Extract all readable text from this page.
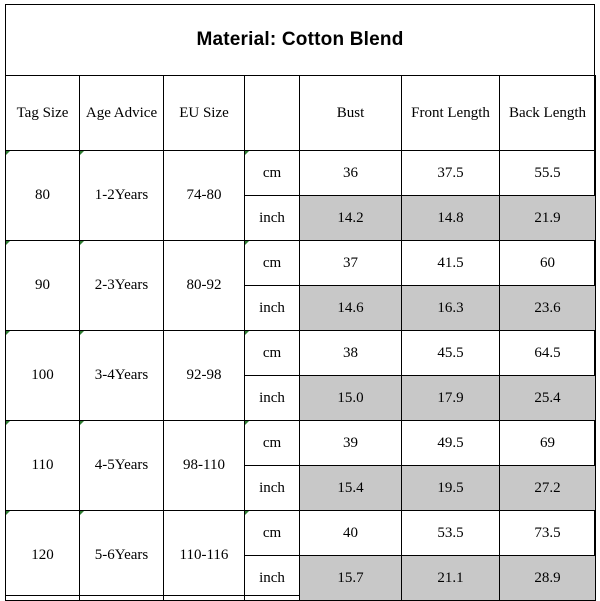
Material: Cotton Blend
Tag Size	Age Advice	EU Size		Bust	Front Length	Back Length
80	1-2Years	74-80	cm	36	37.5	55.5
			inch	14.2	14.8	21.9
90	2-3Years	80-92	cm	37	41.5	60
			inch	14.6	16.3	23.6
100	3-4Years	92-98	cm	38	45.5	64.5
			inch	15.0	17.9	25.4
110	4-5Years	98-110	cm	39	49.5	69
			inch	15.4	19.5	27.2
120	5-6Years	110-116	cm	40	53.5	73.5
			inch	15.7	21.1	28.9
